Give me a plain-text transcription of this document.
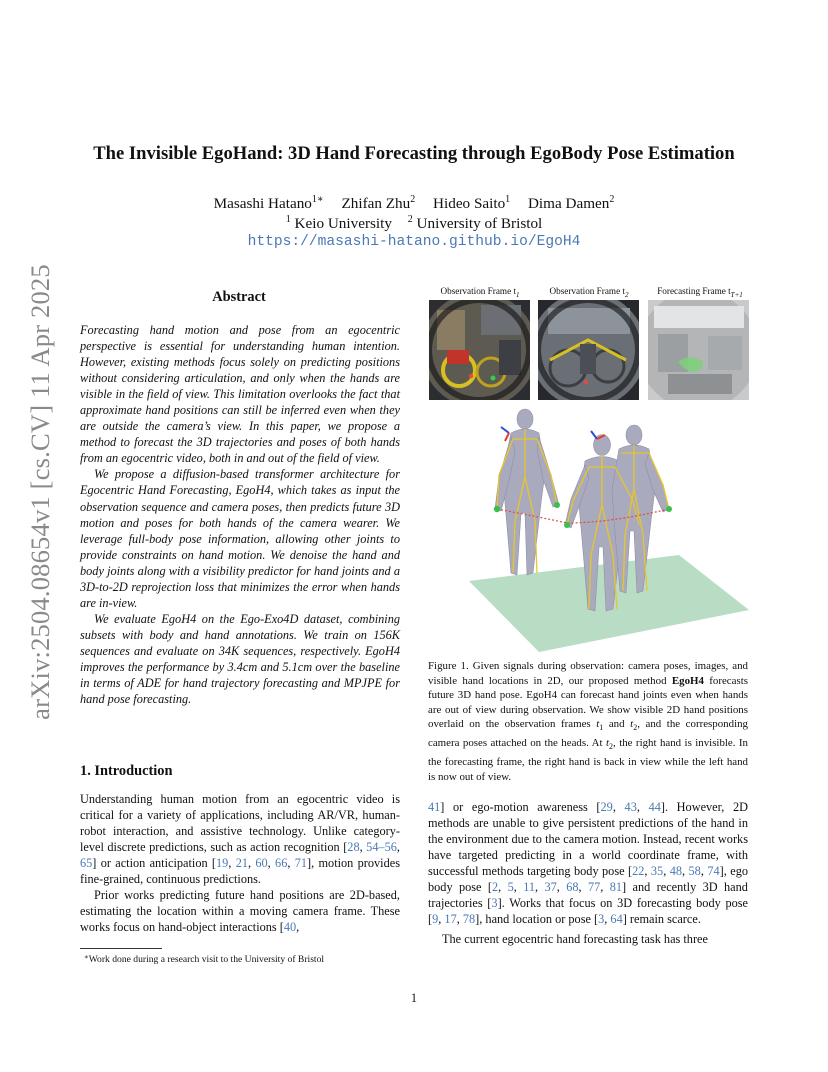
arXiv:2504.08654v1 [cs.CV] 11 Apr 2025
The Invisible EgoHand: 3D Hand Forecasting through EgoBody Pose Estimation
Masashi Hatano$^{1∗}$ Zhifan Zhu$^2$ Hideo Saito$^1$ Dima Damen$^2$
$^1$ Keio University $^2$ University of Bristol
https://masashi-hatano.github.io/EgoH4
Abstract

Forecasting hand motion and pose from an egocentric perspective is essential for understanding human intention. However, existing methods focus solely on predicting positions without considering articulation, and only when the hands are visible in the field of view. This limitation overlooks the fact that approximate hand positions can still be inferred even when they are outside the camera’s view. In this paper, we propose a method to forecast the 3D trajectories and poses of both hands from an egocentric video, both in and out of the field of view.

We propose a diffusion-based transformer architecture for Egocentric Hand Forecasting, EgoH4, which takes as input the observation sequence and camera poses, then predicts future 3D motion and poses for both hands of the camera wearer. We leverage full-body pose information, allowing other joints to provide constraints on hand motion. We denoise the hand and body joints along with a visibility predictor for hand joints and a 3D-to-2D reprojection loss that minimizes the error when hands are in-view.

We evaluate EgoH4 on the Ego-Exo4D dataset, combining subsets with body and hand annotations. We train on 156K sequences and evaluate on 34K sequences, respectively. EgoH4 improves the performance by 3.4cm and 5.1cm over the baseline in terms of ADE for hand trajectory forecasting and MPJPE for hand pose forecasting.

1. Introduction

Understanding human motion from an egocentric video is critical for a variety of applications, including AR/VR, human-robot interaction, and assistive technology. Unlike category-level discrete predictions, such as action recognition [28, 54–56, 65] or action anticipation [19, 21, 60, 66, 71], motion provides fine-grained, continuous predictions.

Prior works predicting future hand positions are 2D-based, estimating the location within a moving camera frame. These works focus on hand-object interactions [40,

∗Work done during a research visit to the University of Bristol
1
Observation Frame $t_1$	Observation Frame $t_2$	Forecasting Frame $t_{T+1}$
Figure 1. Given signals during observation: camera poses, images, and visible hand locations in 2D, our proposed method EgoH4 forecasts future 3D hand pose. EgoH4 can forecast hand joints even when hands are out of view during observation. We show visible 2D hand positions overlaid on the observation frames $t_1$ and $t_2$, and the corresponding camera poses attached on the heads. At $t_2$, the right hand is invisible. In the forecasting frame, the right hand is back in view while the left hand is now out of view.

41] or ego-motion awareness [29, 43, 44]. However, 2D methods are unable to give persistent predictions of the hand in the environment due to the camera motion. Instead, recent works have targeted predicting in a world coordinate frame, with successful methods targeting body pose [22, 35, 48, 58, 74], ego body pose [2, 5, 11, 37, 68, 77, 81] and recently 3D hand trajectories [3]. Works that focus on 3D forecasting body pose [9, 17, 78], hand location or pose [3, 64] remain scarce.

The current egocentric hand forecasting task has three
